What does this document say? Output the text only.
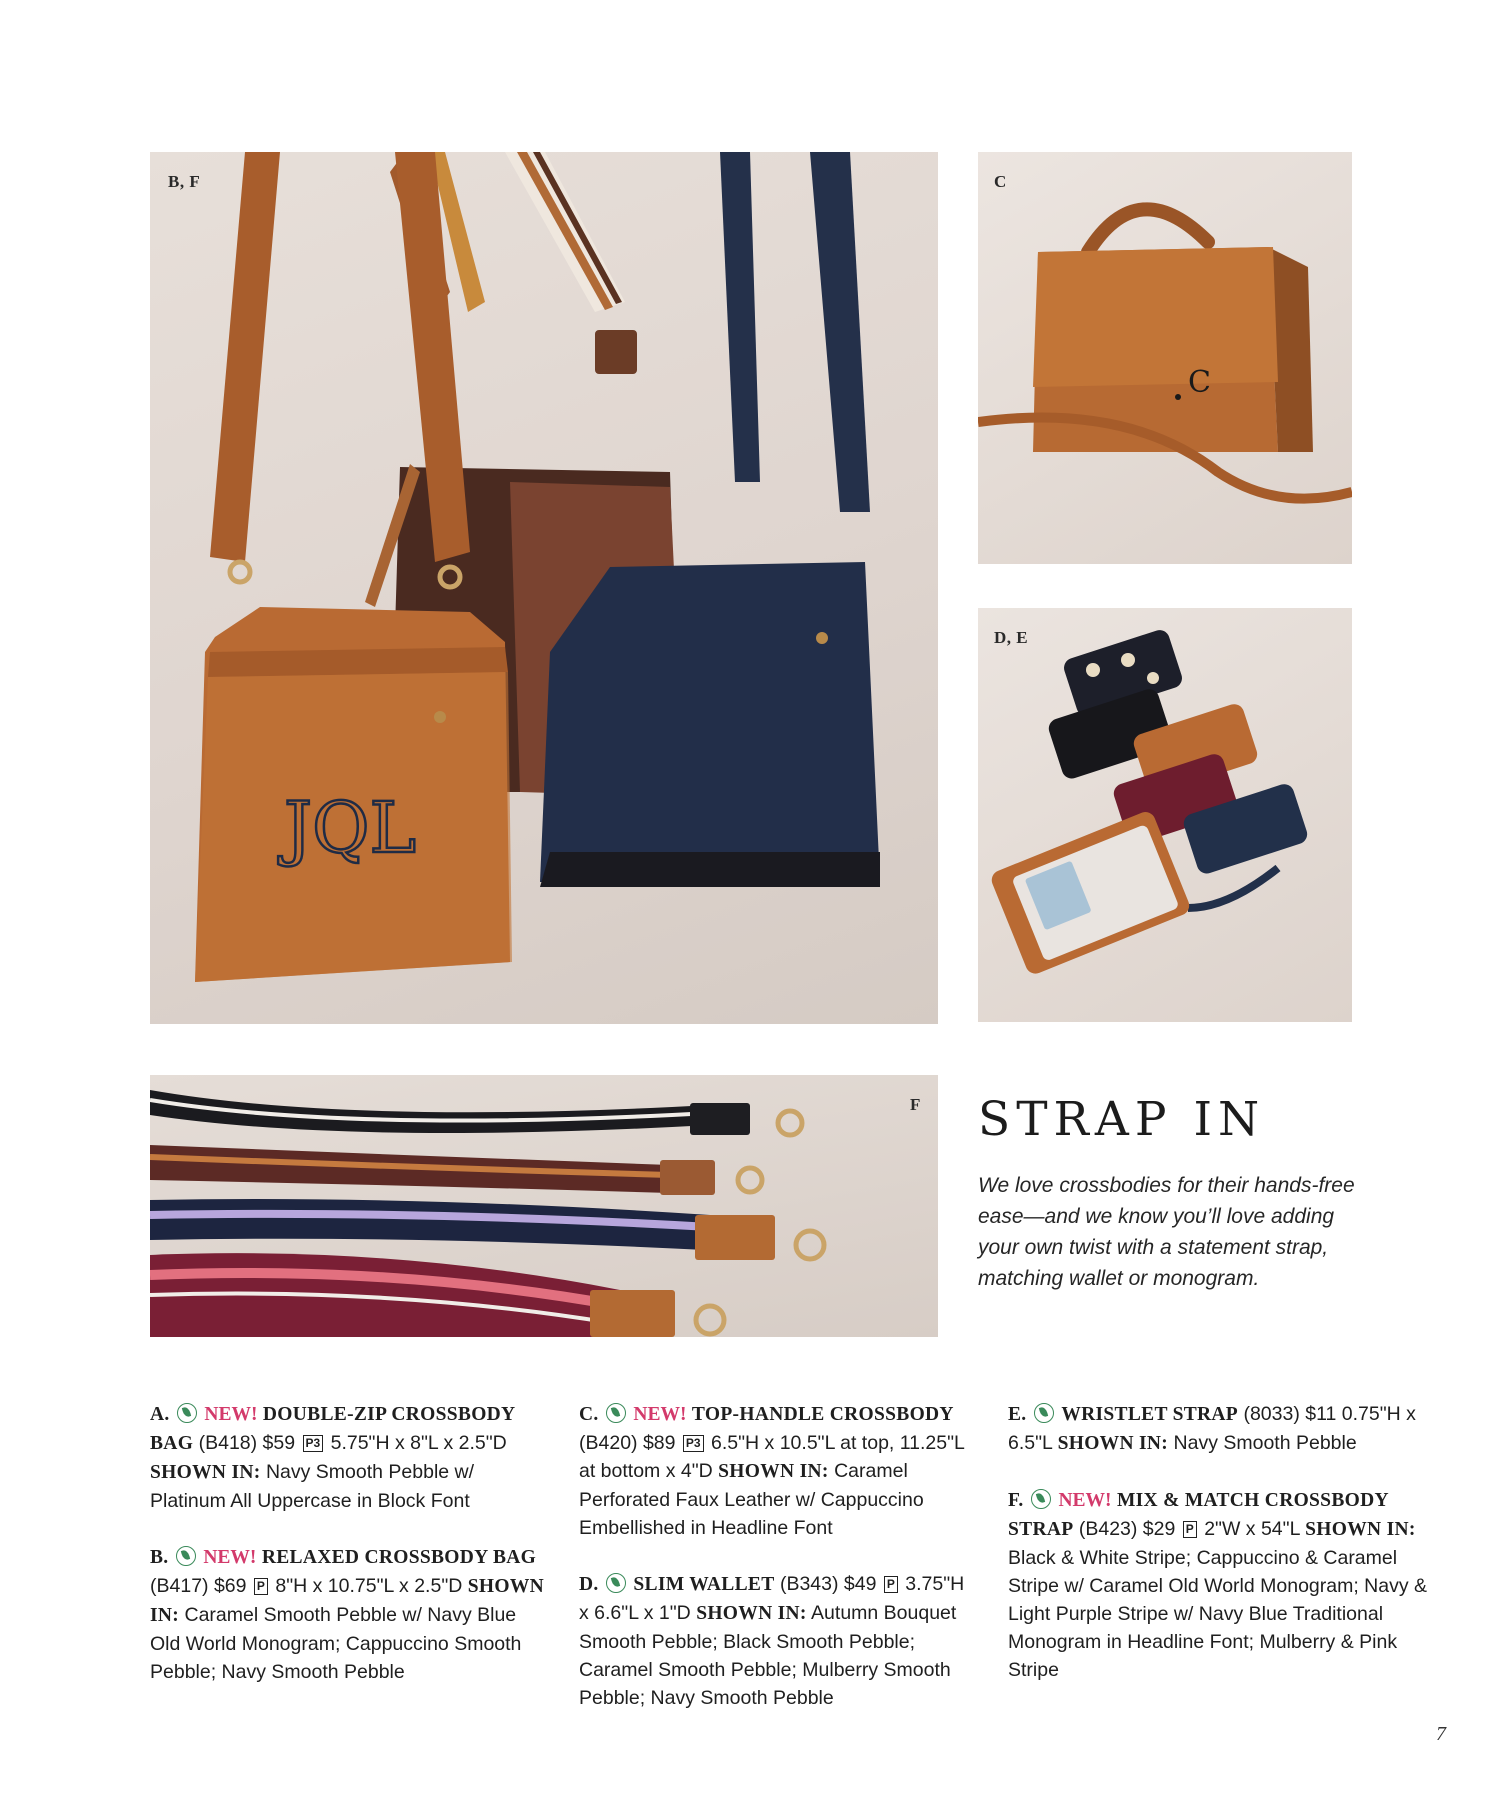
B, F
JQL
C
C
D, E
F STRAP IN
We love crossbodies for their hands-free ease—and we know you’ll love adding your own twist with a statement strap, matching wallet or monogram.
A. NEW! DOUBLE-ZIP CROSSBODY BAG (B418) $59 P3 5.75"H x 8"L x 2.5"D SHOWN IN: Navy Smooth Pebble w/ Platinum All Uppercase in Block Font
B. NEW! RELAXED CROSSBODY BAG (B417) $69 P 8"H x 10.75"L x 2.5"D SHOWN IN: Caramel Smooth Pebble w/ Navy Blue Old World Monogram; Cappuccino Smooth Pebble; Navy Smooth Pebble
C. NEW! TOP-HANDLE CROSSBODY (B420) $89 P3 6.5"H x 10.5"L at top, 11.25"L at bottom x 4"D SHOWN IN: Caramel Perforated Faux Leather w/ Cappuccino Embellished in Headline Font
D. SLIM WALLET (B343) $49 P 3.75"H x 6.6"L x 1"D SHOWN IN: Autumn Bouquet Smooth Pebble; Black Smooth Pebble; Caramel Smooth Pebble; Mulberry Smooth Pebble; Navy Smooth Pebble
E. WRISTLET STRAP (8033) $11 0.75"H x 6.5"L SHOWN IN: Navy Smooth Pebble
F. NEW! MIX & MATCH CROSSBODY STRAP (B423) $29 P 2"W x 54"L SHOWN IN: Black & White Stripe; Cappuccino & Caramel Stripe w/ Caramel Old World Monogram; Navy & Light Purple Stripe w/ Navy Blue Traditional Monogram in Headline Font; Mulberry & Pink Stripe
7
